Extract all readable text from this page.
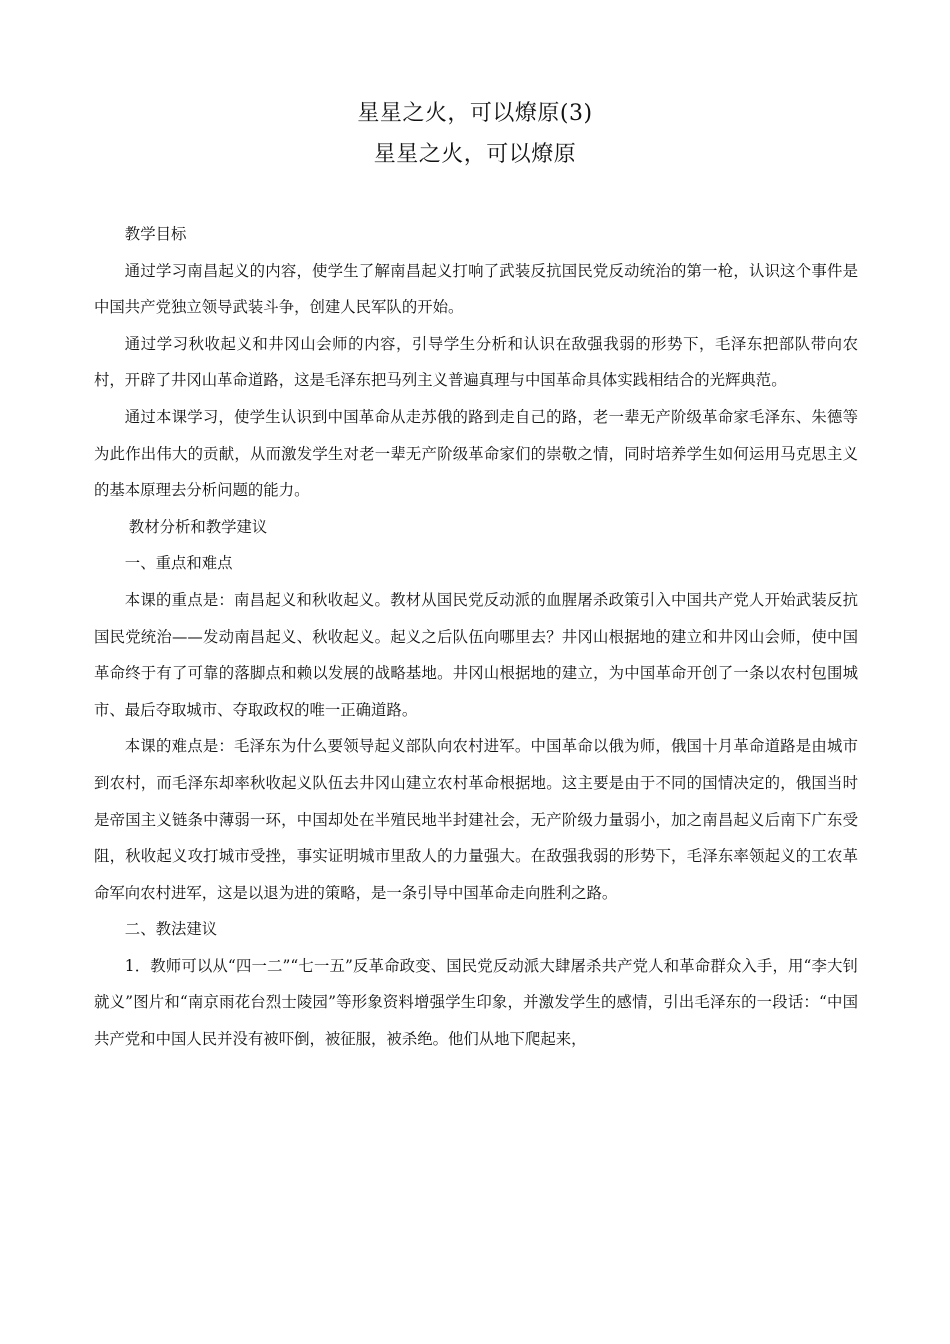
星星之火，可以燎原(3)
星星之火，可以燎原

教学目标

通过学习南昌起义的内容，使学生了解南昌起义打响了武装反抗国民党反动统治的第一枪，认识这个事件是中国共产党独立领导武装斗争，创建人民军队的开始。

通过学习秋收起义和井冈山会师的内容，引导学生分析和认识在敌强我弱的形势下，毛泽东把部队带向农村，开辟了井冈山革命道路，这是毛泽东把马列主义普遍真理与中国革命具体实践相结合的光辉典范。

通过本课学习，使学生认识到中国革命从走苏俄的路到走自己的路，老一辈无产阶级革命家毛泽东、朱德等为此作出伟大的贡献，从而激发学生对老一辈无产阶级革命家们的崇敬之情，同时培养学生如何运用马克思主义的基本原理去分析问题的能力。

教材分析和教学建议

一、重点和难点

本课的重点是：南昌起义和秋收起义。教材从国民党反动派的血腥屠杀政策引入中国共产党人开始武装反抗国民党统治——发动南昌起义、秋收起义。起义之后队伍向哪里去？井冈山根据地的建立和井冈山会师，使中国革命终于有了可靠的落脚点和赖以发展的战略基地。井冈山根据地的建立，为中国革命开创了一条以农村包围城市、最后夺取城市、夺取政权的唯一正确道路。

本课的难点是：毛泽东为什么要领导起义部队向农村进军。中国革命以俄为师，俄国十月革命道路是由城市到农村，而毛泽东却率秋收起义队伍去井冈山建立农村革命根据地。这主要是由于不同的国情决定的，俄国当时是帝国主义链条中薄弱一环，中国却处在半殖民地半封建社会，无产阶级力量弱小，加之南昌起义后南下广东受阻，秋收起义攻打城市受挫，事实证明城市里敌人的力量强大。在敌强我弱的形势下，毛泽东率领起义的工农革命军向农村进军，这是以退为进的策略，是一条引导中国革命走向胜利之路。

二、教法建议

1．教师可以从“四一二”“七一五”反革命政变、国民党反动派大肆屠杀共产党人和革命群众入手，用“李大钊就义”图片和“南京雨花台烈士陵园”等形象资料增强学生印象，并激发学生的感情，引出毛泽东的一段话：“中国共产党和中国人民并没有被吓倒，被征服，被杀绝。他们从地下爬起来，
